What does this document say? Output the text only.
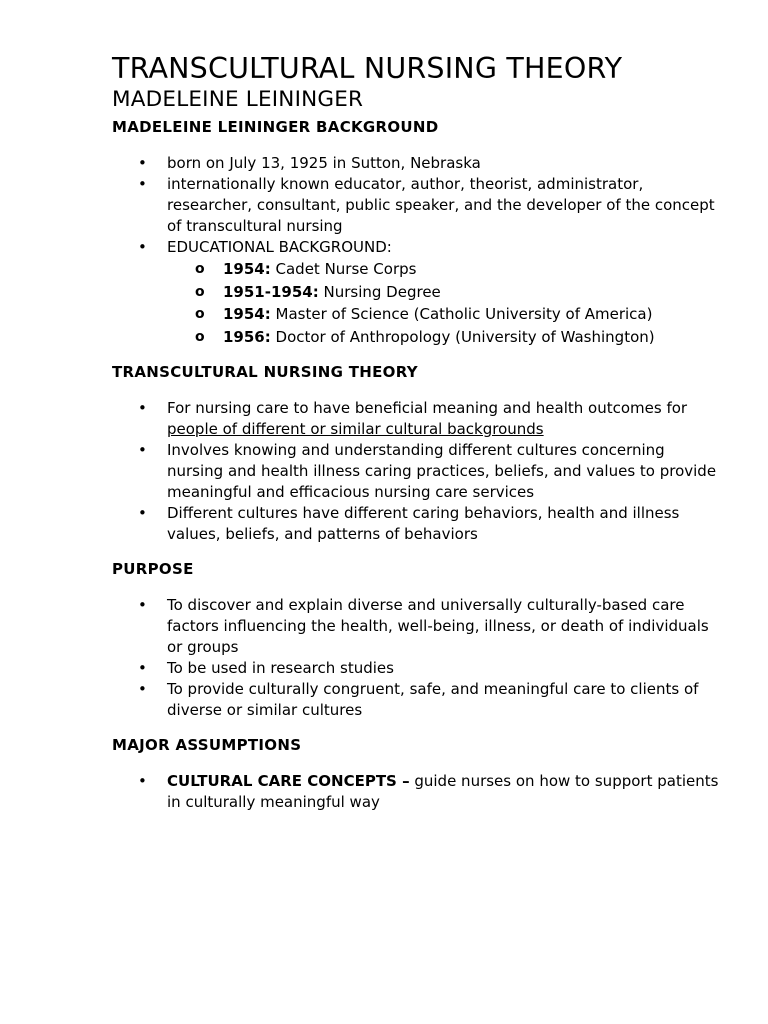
TRANSCULTURAL NURSING THEORY
MADELEINE LEININGER
MADELEINE LEININGER BACKGROUND
• born on July 13, 1925 in Sutton, Nebraska
• internationally known educator, author, theorist, administrator, researcher, consultant, public speaker, and the developer of the concept of transcultural nursing
• EDUCATIONAL BACKGROUND:
o 1954: Cadet Nurse Corps
o 1951-1954: Nursing Degree
o 1954: Master of Science (Catholic University of America)
o 1956: Doctor of Anthropology (University of Washington)
TRANSCULTURAL NURSING THEORY
• For nursing care to have beneficial meaning and health outcomes for people of different or similar cultural backgrounds
• Involves knowing and understanding different cultures concerning nursing and health illness caring practices, beliefs, and values to provide meaningful and efficacious nursing care services
• Different cultures have different caring behaviors, health and illness values, beliefs, and patterns of behaviors
PURPOSE
• To discover and explain diverse and universally culturally-based care factors influencing the health, well-being, illness, or death of individuals or groups
• To be used in research studies
• To provide culturally congruent, safe, and meaningful care to clients of diverse or similar cultures
MAJOR ASSUMPTIONS
• CULTURAL CARE CONCEPTS – guide nurses on how to support patients in culturally meaningful way
